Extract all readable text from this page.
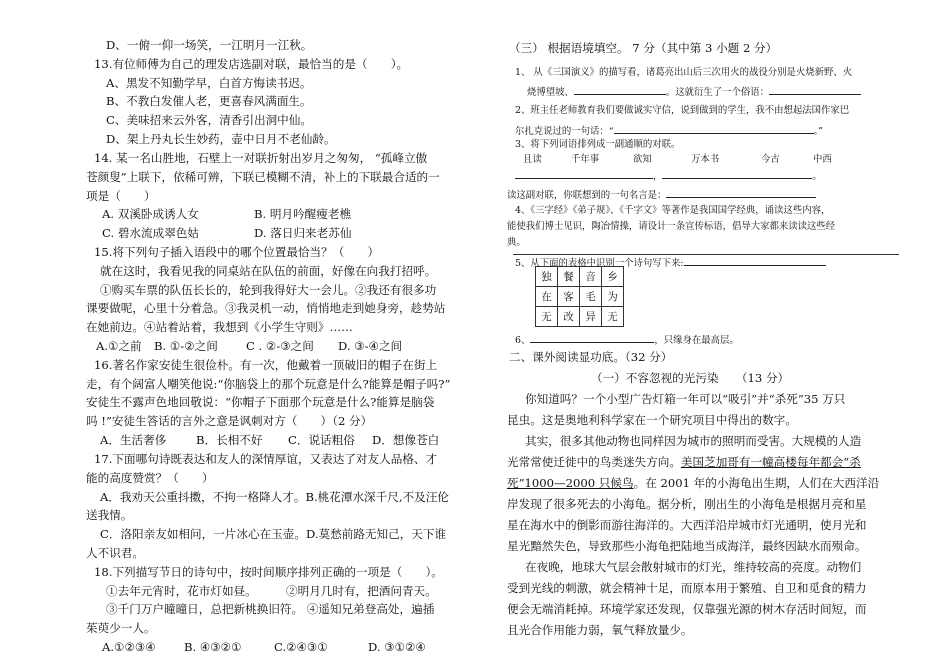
D、一俯一仰一场笑，一江明月一江秋。
13.有位师傅为自己的理发店选副对联，最恰当的是（　　）。
A、黑发不知勤学早，白首方悔读书迟。
B、不教白发催人老，更喜春风满面生。
C、美味招来云外客，清香引出洞中仙。
D、架上丹丸长生妙药，壶中日月不老仙龄。
14. 某一名山胜地，石壁上一对联折射出岁月之匆匆， “孤峰立傲
苍颜叟”上联下，依稀可辨，下联已模糊不清，补上的下联最合适的一
项是（　　）
A. 双溪卧成诱人女	B. 明月吟醒瘦老樵
C. 碧水流成翠色姑	D. 落日归来老苏仙
15.将下列句子插入语段中的哪个位置最恰当？（　　）
就在这时，我看见我的同桌站在队伍的前面，好像在向我打招呼。
①购买车票的队伍长长的，轮到我得好大一会儿。②我还有很多功
课要做呢，心里十分着急。③我灵机一动，悄悄地走到她身旁，趁势站
在她前边。④站着站着，我想到《小学生守则》……
A.①之前 B. ①-②之间 C . ②-③之间 D. ③-④之间
16.著名作家安徒生很俭朴。有一次，他戴着一顶破旧的帽子在街上
走，有个阔富人嘲笑他说:“你脑袋上的那个玩意是什么?能算是帽子吗?”
安徒生不露声色地回敬说：“你帽子下面那个玩意是什么?能算是脑袋
吗 !”安徒生答话的言外之意是讽刺对方（　　）（2 分）
A．生活奢侈	B．长相不好 C．说话粗俗 D．想像苍白
17.下面哪句诗既表达和友人的深情厚谊，又表达了对友人品格、才
能的高度赞赏？（　　）
A．我劝天公重抖擞，不拘一格降人才。B.桃花潭水深千尺,不及汪伦
送我情。
C．洛阳亲友如相问，一片冰心在玉壶。D.莫愁前路无知己，天下谁
人不识君。
18.下列描写节日的诗句中，按时间顺序排列正确的一项是（　　）。
①去年元宵时，花市灯如昼。	②明月几时有，把酒问青天。
③千门万户曈曈日，总把新桃换旧符。 ④遥知兄弟登高处，遍插
茱萸少一人。
A.①②③④ B. ④③②①	C.②④③①	D. ③①②④
（三） 根据语境填空。 7 分（其中第 3 小题 2 分）
1、 从《三国演义》的描写看，诸葛亮出山后三次用火的战役分别是火烧新野、火
烧博望坡、	。这就衍生了一个俗语：
2、班主任老师教育我们要做诚实守信，说到做到的学生，我不由想起法国作家巴
尔扎克说过的一句话：“	。”
3、将下列词语排列成一副通顺的对联。
且读	千年事	欲知	万本书	今古	中西
，	。
读这副对联，你联想到的一句名言是：
4、《三字经》《弟子规》、《千字文》等著作是我国国学经典，诵读这些内容，
能使我们博士见识，陶冶情操，请设计一条宣传标语，倡导大家都来读读这些经
典。
5、从下面的表格中识别一个诗句写下来:
独	餐	音	乡
在	客	毛	为
无	改	异	无
6、	，只缘身在最高层。
二、课外阅读显功底。（32 分）
（一）不容忽视的光污染　　（13 分）
你知道吗？一个小型广告灯箱一年可以“吸引”并“杀死”35 万只
昆虫。这是奥地利科学家在一个研究项目中得出的数字。
其实，很多其他动物也同样因为城市的照明而受害。大规模的人造
光常常使迁徙中的鸟类迷失方向。美国芝加哥有一幢高楼每年都会“杀
死”1000—2000 只候鸟。在 2001 年的小海龟出生期，人们在大西洋沿
岸发现了很多死去的小海龟。据分析，刚出生的小海龟是根据月亮和星
星在海水中的倒影而游往海洋的。大西洋沿岸城市灯光通明，使月光和
星光黯然失色，导致那些小海龟把陆地当成海洋，最终因缺水而殒命。
在夜晚，地球大气层会散射城市的灯光，维持较高的亮度。动物们
受到光线的刺激，就会精神十足，而原本用于繁殖、自卫和觅食的精力
便会无端消耗掉。环境学家还发现，仅靠强光源的树木存活时间短，而
且光合作用能力弱，氧气释放量少。
